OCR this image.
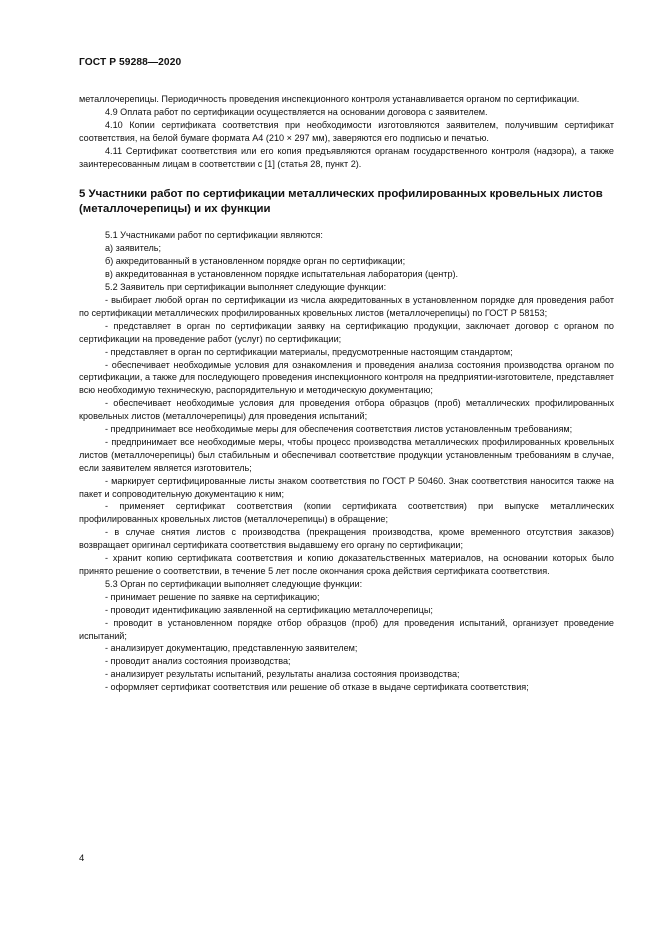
ГОСТ Р 59288—2020

металлочерепицы. Периодичность проведения инспекционного контроля устанавливается органом по сертификации.

4.9 Оплата работ по сертификации осуществляется на основании договора с заявителем.

4.10 Копии сертификата соответствия при необходимости изготовляются заявителем, получившим сертификат соответствия, на белой бумаге формата А4 (210 × 297 мм), заверяются его подписью и печатью.

4.11 Сертификат соответствия или его копия предъявляются органам государственного контроля (надзора), а также заинтересованным лицам в соответствии с [1] (статья 28, пункт 2).

5 Участники работ по сертификации металлических профилированных кровельных листов (металлочерепицы) и их функции

5.1 Участниками работ по сертификации являются:

а) заявитель;

б) аккредитованный в установленном порядке орган по сертификации;

в) аккредитованная в установленном порядке испытательная лаборатория (центр).

5.2 Заявитель при сертификации выполняет следующие функции:

- выбирает любой орган по сертификации из числа аккредитованных в установленном порядке для проведения работ по сертификации металлических профилированных кровельных листов (металлочерепицы) по ГОСТ Р 58153;

- представляет в орган по сертификации заявку на сертификацию продукции, заключает договор с органом по сертификации на проведение работ (услуг) по сертификации;

- представляет в орган по сертификации материалы, предусмотренные настоящим стандартом;

- обеспечивает необходимые условия для ознакомления и проведения анализа состояния производства органом по сертификации, а также для последующего проведения инспекционного контроля на предприятии-изготовителе, представляет всю необходимую техническую, распорядительную и методическую документацию;

- обеспечивает необходимые условия для проведения отбора образцов (проб) металлических профилированных кровельных листов (металлочерепицы) для проведения испытаний;

- предпринимает все необходимые меры для обеспечения соответствия листов установленным требованиям;

- предпринимает все необходимые меры, чтобы процесс производства металлических профилированных кровельных листов (металлочерепицы) был стабильным и обеспечивал соответствие продукции установленным требованиям в случае, если заявителем является изготовитель;

- маркирует сертифицированные листы знаком соответствия по ГОСТ Р 50460. Знак соответствия наносится также на пакет и сопроводительную документацию к ним;

- применяет сертификат соответствия (копии сертификата соответствия) при выпуске металлических профилированных кровельных листов (металлочерепицы) в обращение;

- в случае снятия листов с производства (прекращения производства, кроме временного отсутствия заказов) возвращает оригинал сертификата соответствия выдавшему его органу по сертификации;

- хранит копию сертификата соответствия и копию доказательственных материалов, на основании которых было принято решение о соответствии, в течение 5 лет после окончания срока действия сертификата соответствия.

5.3 Орган по сертификации выполняет следующие функции:

- принимает решение по заявке на сертификацию;

- проводит идентификацию заявленной на сертификацию металлочерепицы;

- проводит в установленном порядке отбор образцов (проб) для проведения испытаний, организует проведение испытаний;

- анализирует документацию, представленную заявителем;

- проводит анализ состояния производства;

- анализирует результаты испытаний, результаты анализа состояния производства;

- оформляет сертификат соответствия или решение об отказе в выдаче сертификата соответствия;

4
